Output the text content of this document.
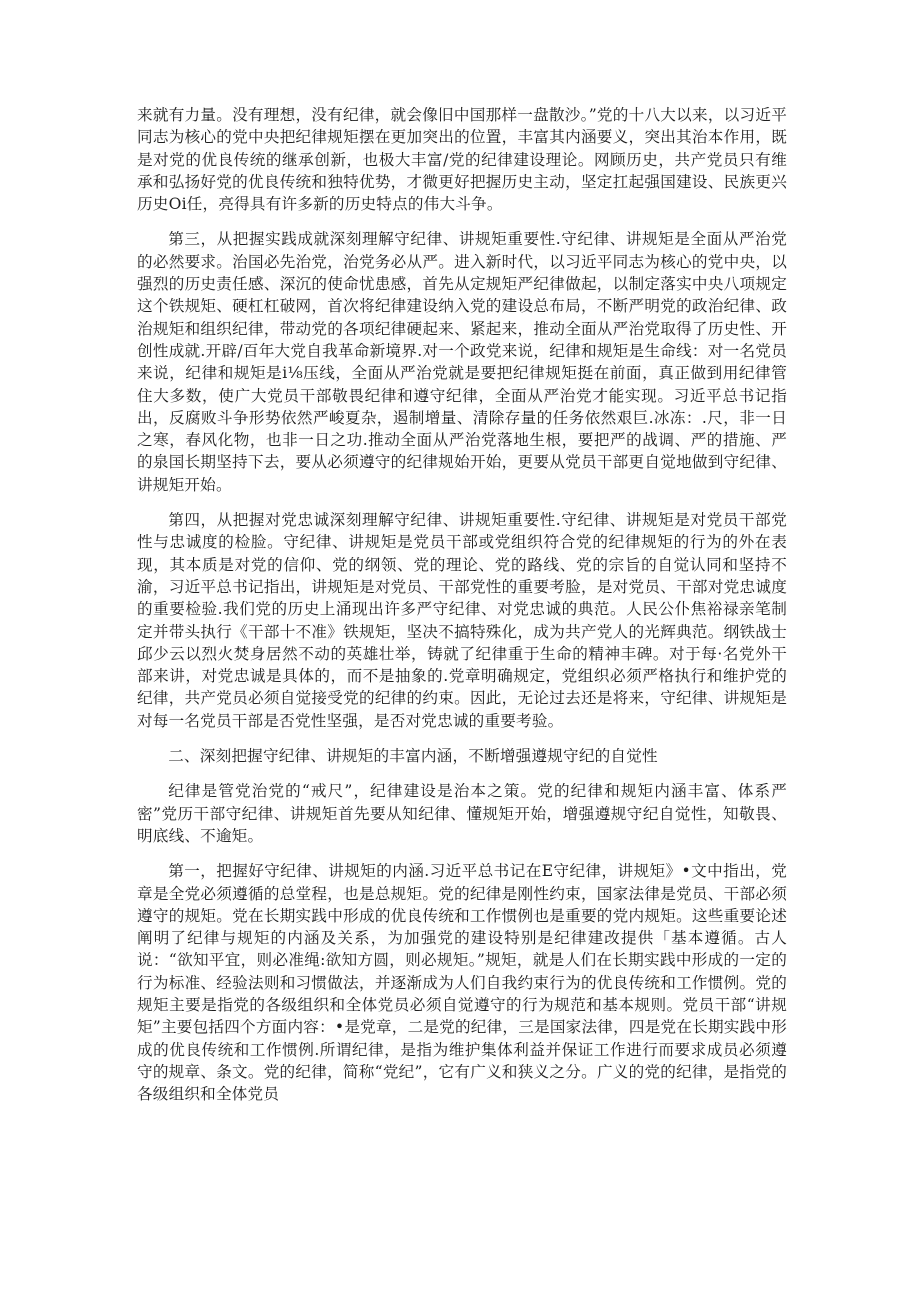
来就有力量。没有理想，没有纪律，就会像旧中国那样一盘散沙。”党的十八大以来，以习近平同志为核心的党中央把纪律规矩摆在更加突出的位置，丰富其内涵要义，突出其治本作用，既是对党的优良传统的继承创新，也极大丰富/党的纪律建设理论。网顾历史，共产党员只有维承和弘扬好党的优良传统和独特优势，才微更好把握历史主动，坚定扛起强国建设、民族更兴历史Oi任，亮得具有许多新的历史特点的伟大斗争。

第三，从把握实践成就深刻理解守纪律、讲规矩重要性.守纪律、讲规矩是全面从严治党的必然要求。治国必先治党，治党务必从严。进入新时代，以习近平同志为核心的党中央，以强烈的历史责任感、深沉的使命忧患感，首先从定规矩严纪律做起，以制定落实中央八项规定这个铁规矩、硬杠杠破网，首次将纪律建设纳入党的建设总布局，不断严明党的政治纪律、政治规矩和组织纪律，带动党的各项纪律硬起来、紧起来，推动全面从严治党取得了历史性、开创性成就.开辟/百年大党自我革命新境界.对一个政党来说，纪律和规矩是生命线：对一名党员来说，纪律和规矩是i⅛压线，全面从严治党就是要把纪律规矩挺在前面，真正做到用纪律管住大多数，使广大党员干部敬畏纪律和遵守纪律，全面从严治党才能实现。习近平总书记指出，反腐败斗争形势依然严峻夏杂，遏制增量、清除存量的任务依然艰巨.冰冻：.尺，非一日之寒，春风化物，也非一日之功.推动全面从严治党落地生根，要把严的战调、严的措施、严的泉国长期坚持下去，要从必须遵守的纪律规始开始，更要从党员干部更自觉地做到守纪律、讲规矩开始。

第四，从把握对党忠诚深刻理解守纪律、讲规矩重要性.守纪律、讲规矩是对党员干部党性与忠诚度的检脸。守纪律、讲规矩是党员干部或党组织符合党的纪律规矩的行为的外在表现，其本质是对党的信仰、党的纲领、党的理论、党的路线、党的宗旨的自觉认同和坚持不渝，习近平总书记指出，讲规矩是对党员、干部党性的重要考脸，是对党员、干部对党忠诚度的重要检验.我们党的历史上涌现出许多严守纪律、对党忠诚的典范。人民公仆焦裕禄亲笔制定并带头执行《干部十不准》铁规矩，坚决不搞特殊化，成为共产党人的光辉典范。纲铁战士邱少云以烈火焚身居然不动的英雄壮举，铸就了纪律重于生命的精神丰碑。对于每·名党外干部来讲，对党忠诚是具体的，而不是抽象的.党章明确规定，党组织必须严格执行和维护党的纪律，共产党员必须自觉接受党的纪律的约束。因此，无论过去还是将来，守纪律、讲规矩是对每一名党员干部是否党性坚强，是否对党忠诚的重要考验。

二、深刻把握守纪律、讲规矩的丰富内涵，不断增强遵规守纪的自觉性

纪律是管党治党的“戒尺”，纪律建设是治本之策。党的纪律和规矩内涵丰富、体系严密”党历干部守纪律、讲规矩首先要从知纪律、懂规矩开始，增强遵规守纪自觉性，知敬畏、明底线、不逾矩。

第一，把握好守纪律、讲规矩的内涵.习近平总书记在E守纪律，讲规矩》•文中指出，党章是全党必须遵循的总堂程，也是总规矩。党的纪律是刚性约束，国家法律是党员、干部必须遵守的规矩。党在长期实践中形成的优良传统和工作惯例也是重要的党内规矩。这些重要论述阐明了纪律与规矩的内涵及关系，为加强党的建设特别是纪律建改提供「基本遵循。古人说：“欲知平宜，则必准绳:欲知方圆，则必规矩。”规矩，就是人们在长期实践中形成的一定的行为标准、经验法则和习惯做法，并逐渐成为人们自我约束行为的优良传统和工作惯例。党的规矩主要是指党的各级组织和全体党员必须自觉遵守的行为规范和基本规则。党员干部“讲规矩”主要包括四个方面内容：•是党章，二是党的纪律，三是国家法律，四是党在长期实践中形成的优良传统和工作惯例.所谓纪律，是指为维护集体利益并保证工作进行而要求成员必须遵守的规章、条文。党的纪律，简称“党纪”，它有广义和狭义之分。广义的党的纪律，是指党的各级组织和全体党员
